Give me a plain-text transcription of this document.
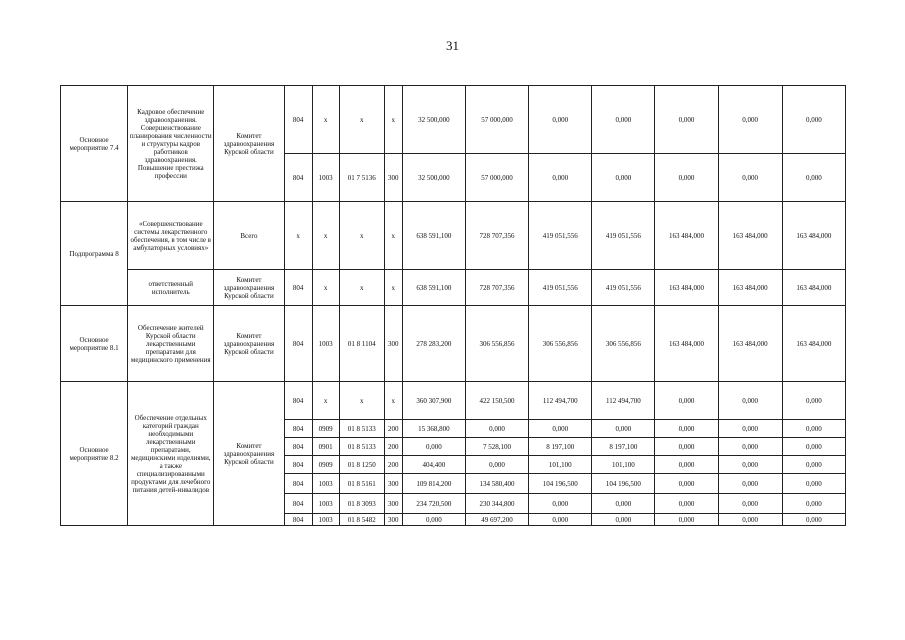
31
Основное мероприятие 7.4	Кадровое обеспечение здравоохранения. Совершенствование планирования численности и структуры кадров работников здравоохранения. Повышение престижа профессии	Комитет здравоохранения Курской области	804	x	x	x	32 500,000	57 000,000	0,000	0,000	0,000	0,000	0,000
			804	1003	01 7 5136	300	32 500,000	57 000,000	0,000	0,000	0,000	0,000	0,000
Подпрограмма 8	«Совершенствование системы лекарственного обеспечения, в том числе в амбулаторных условиях»	Всего	x	x	x	x	638 591,100	728 707,356	419 051,556	419 051,556	163 484,000	163 484,000	163 484,000
	ответственный исполнитель	Комитет здравоохранения Курской области	804	x	x	x	638 591,100	728 707,356	419 051,556	419 051,556	163 484,000	163 484,000	163 484,000
Основное мероприятие 8.1	Обеспечение жителей Курской области лекарственными препаратами для медицинского применения	Комитет здравоохранения Курской области	804	1003	01 8 1104	300	278 283,200	306 556,856	306 556,856	306 556,856	163 484,000	163 484,000	163 484,000
Основное мероприятие 8.2	Обеспечение отдельных категорий граждан необходимыми лекарственными препаратами, медицинскими изделиями, а также специализированными продуктами для лечебного питания детей-инвалидов	Комитет здравоохранения Курской области	804	x	x	x	360 307,900	422 150,500	112 494,700	112 494,700	0,000	0,000	0,000
			804	0909	01 8 5133	200	15 368,800	0,000	0,000	0,000	0,000	0,000	0,000
			804	0901	01 8 5133	200	0,000	7 528,100	8 197,100	8 197,100	0,000	0,000	0,000
			804	0909	01 8 1250	200	404,400	0,000	101,100	101,100	0,000	0,000	0,000
			804	1003	01 8 5161	300	109 814,200	134 580,400	104 196,500	104 196,500	0,000	0,000	0,000
			804	1003	01 8 3093	300	234 720,500	230 344,800	0,000	0,000	0,000	0,000	0,000
			804	1003	01 8 5482	300	0,000	49 697,200	0,000	0,000	0,000	0,000	0,000
